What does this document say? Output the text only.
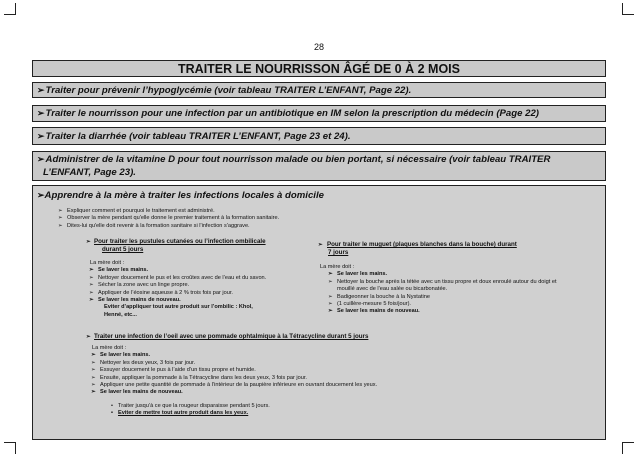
28
TRAITER LE NOURRISSON ÂGÉ DE 0 À 2 MOIS
➢Traiter pour prévenir l’hypoglycémie (voir tableau TRAITER L’ENFANT, Page 22).
➢Traiter le nourrisson pour une infection par un antibiotique en IM selon la prescription du médecin (Page 22)
➢Traiter la diarrhée (voir tableau TRAITER L’ENFANT, Page 23 et 24).
➢Administrer de la vitamine D pour tout nourrisson malade ou bien portant, si nécessaire (voir tableau TRAITER
L’ENFANT, Page 23).
➢Apprendre à la mère à traiter les infections locales à domicile
➢ Expliquer comment et pourquoi le traitement est administré.
➢ Observer la mère pendant qu'elle donne le premier traitement à la formation sanitaire.
➢ Dites-lui qu'elle doit revenir à la formation sanitaire si l'infection s'aggrave.
➢ Pour traiter les pustules cutanées ou l’infection ombilicale
durant 5 jours
La mère doit :
➢ Se laver les mains.
➢ Nettoyer doucement le pus et les croûtes avec de l’eau et du savon.
➢ Sécher la zone avec un linge propre.
➢ Appliquer de l’éosine aqueuse à 2 % trois fois par jour.
➢ Se laver les mains de nouveau.
Eviter d’appliquer tout autre produit sur l’ombilic : Khol,
Henné, etc...
➢ Pour traiter le muguet (plaques blanches dans la bouche) durant
7 jours
La mère doit :
➢ Se laver les mains.
➢ Nettoyer la bouche après la tétée avec un tissu propre et doux enroulé autour du doigt et mouillé avec de l'eau salée ou bicarbonatée.
➢ Badigeonner la bouche à la Nystatine
➢ (1 cuillère-mesure 5 fois/jour).
➢ Se laver les mains de nouveau.
➢ Traiter une infection de l’oeil avec une pommade ophtalmique à la Tétracycline durant 5 jours
La mère doit :
➢ Se laver les mains.
➢ Nettoyer les deux yeux, 3 fois par jour.
➢ Essuyer doucement le pus à l’aide d’un tissu propre et humide.
➢ Ensuite, appliquer la pommade à la Tétracycline dans les deux yeux, 3 fois par jour.
➢ Appliquer une petite quantité de pommade à l’intérieur de la paupière inférieure en ouvrant doucement les yeux.
➢ Se laver les mains de nouveau.
• Traiter jusqu’à ce que la rougeur disparaisse pendant 5 jours.
• Eviter de mettre tout autre produit dans les yeux.
